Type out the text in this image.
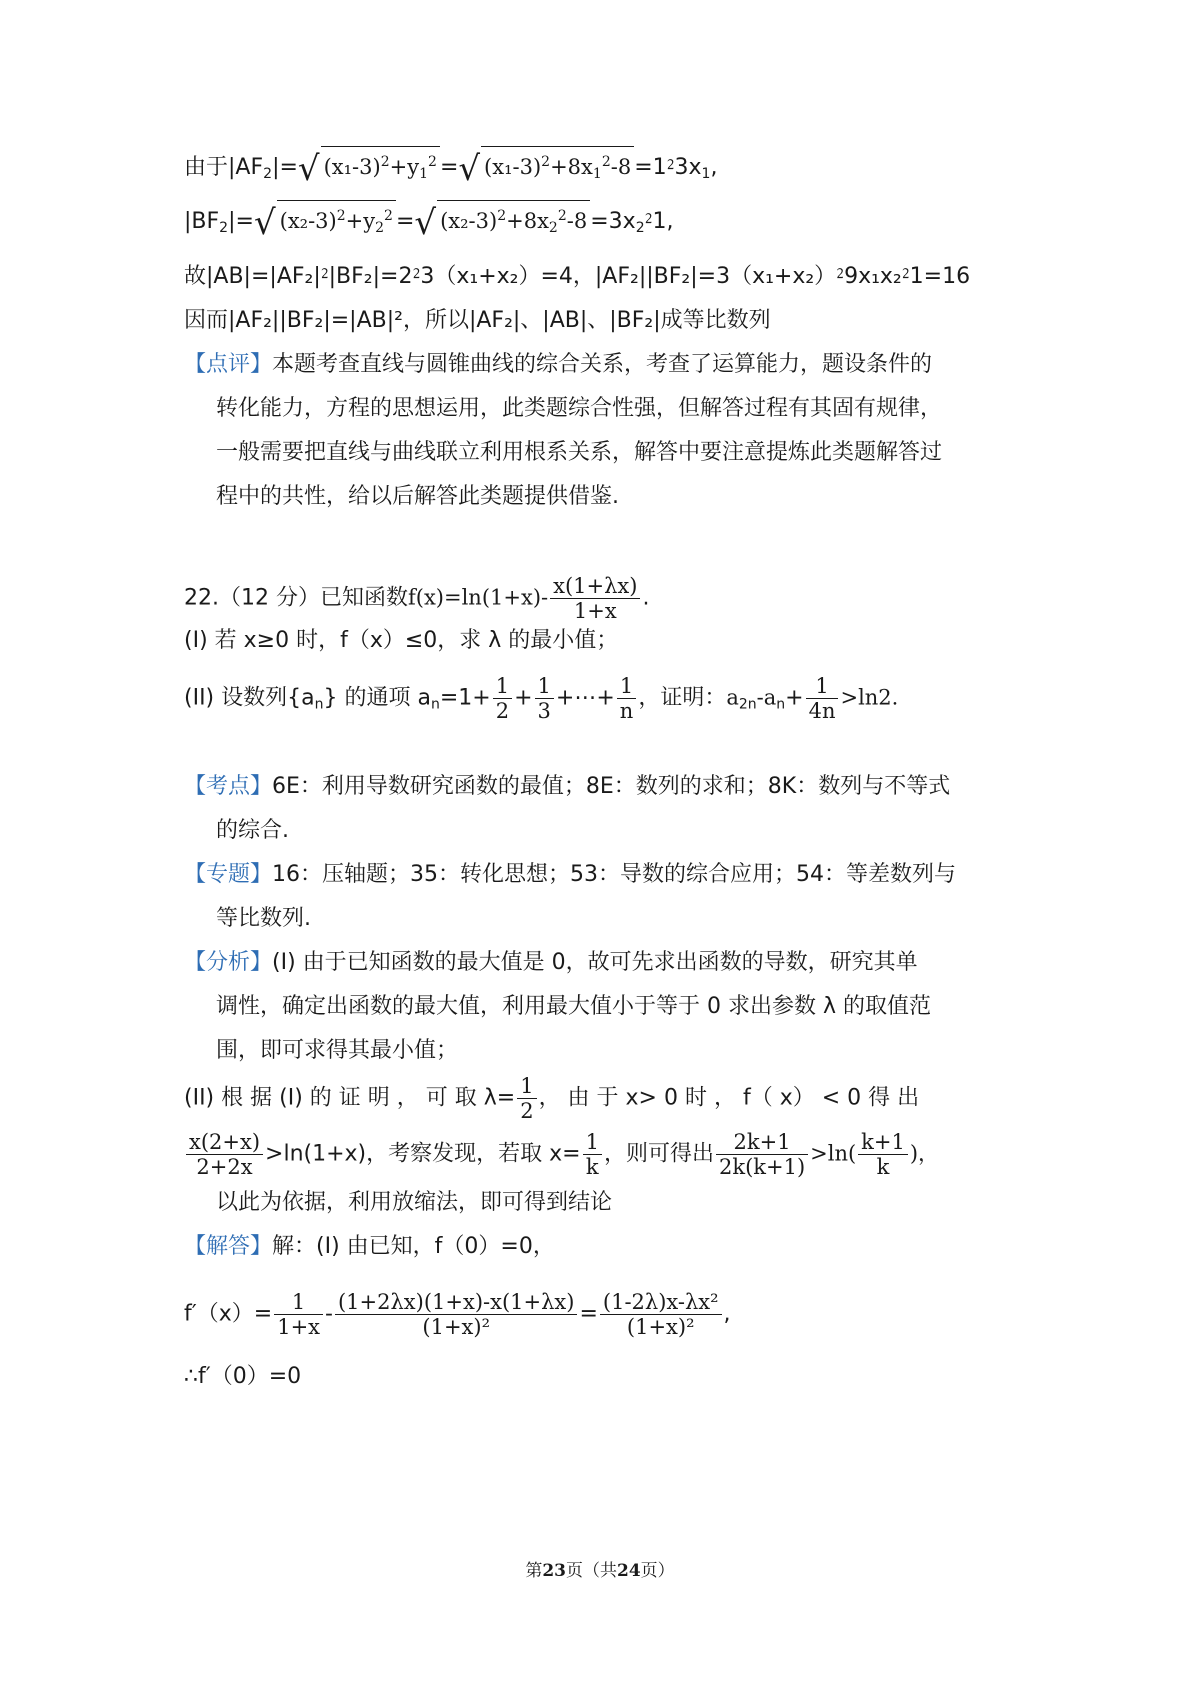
由于$|AF_2|=√$ $(x_1-3)^2+y_1^2$ =√ $(x_1-3)^2+8x_1^2-8$ $=1⁲3x_1$,
$|BF_2|=√$ $(x_2-3)^2+y_2^2$ =√ $(x_2-3)^2+8x_2^2-8$ $=3x_2⁲1$,
故|AB|=|AF₂|⁲|BF₂|=2⁲3（x₁+x₂）=4，|AF₂||BF₂|=3（x₁+x₂）⁲9x₁x₂⁲1=16
因而|AF₂||BF₂|=|AB|²，所以|AF₂|、|AB|、|BF₂|成等比数列
【点评】本题考查直线与圆锥曲线的综合关系，考查了运算能力，题设条件的
转化能力，方程的思想运用，此类题综合性强，但解答过程有其固有规律，
一般需要把直线与曲线联立利用根系关系，解答中要注意提炼此类题解答过
程中的共性，给以后解答此类题提供借鉴.
22.（12 分）已知函数$f(x)=\ln(1+x)- \frac{x(1+\lambda x)}{1+x}$ .
(I) 若 x≥0 时，f（x）≤0，求 λ 的最小值；
(II) 设数列$\{a_n\}$ 的通项 $a_n=1+ \frac{1}{2} + \frac{1}{3}$ +⋯+ $\frac{1}{n}$ ，证明：$a_{2n}-a_n+ \frac{1}{4n} >\ln 2$.
【考点】6E：利用导数研究函数的最值；8E：数列的求和；8K：数列与不等式
的综合.
【专题】16：压轴题；35：转化思想；53：导数的综合应用；54：等差数列与
等比数列.
【分析】(I) 由于已知函数的最大值是 0，故可先求出函数的导数，研究其单
调性，确定出函数的最大值，利用最大值小于等于 0 求出参数 λ 的取值范
围，即可求得其最小值；
(II) 根 据 (I) 的 证 明 ， 可 取 $\lambda= \frac{1}{2}$ ， 由 于 x> 0 时 ， f（ x） < 0 得 出
$\frac{x(2+x)}{2+2x} >\ln(1+x)$，考察发现，若取 $x= \frac{1}{k}$ ，则可得出 $\frac{2k+1}{2k(k+1)} >\ln( \frac{k+1}{k}$ )，
以此为依据，利用放缩法，即可得到结论
【解答】解：(I) 由已知，f（0）=0，
$f'(x)= \frac{1}{1+x} - \frac{(1+2\lambda x)(1+x)-x(1+\lambda x)}{\text{(1+x)²}} = \frac{\text{(1-2λ)x-λx²}}{\text{(1+x)²}}$ ,
∴f′（0）=0
第23页（共24页）
